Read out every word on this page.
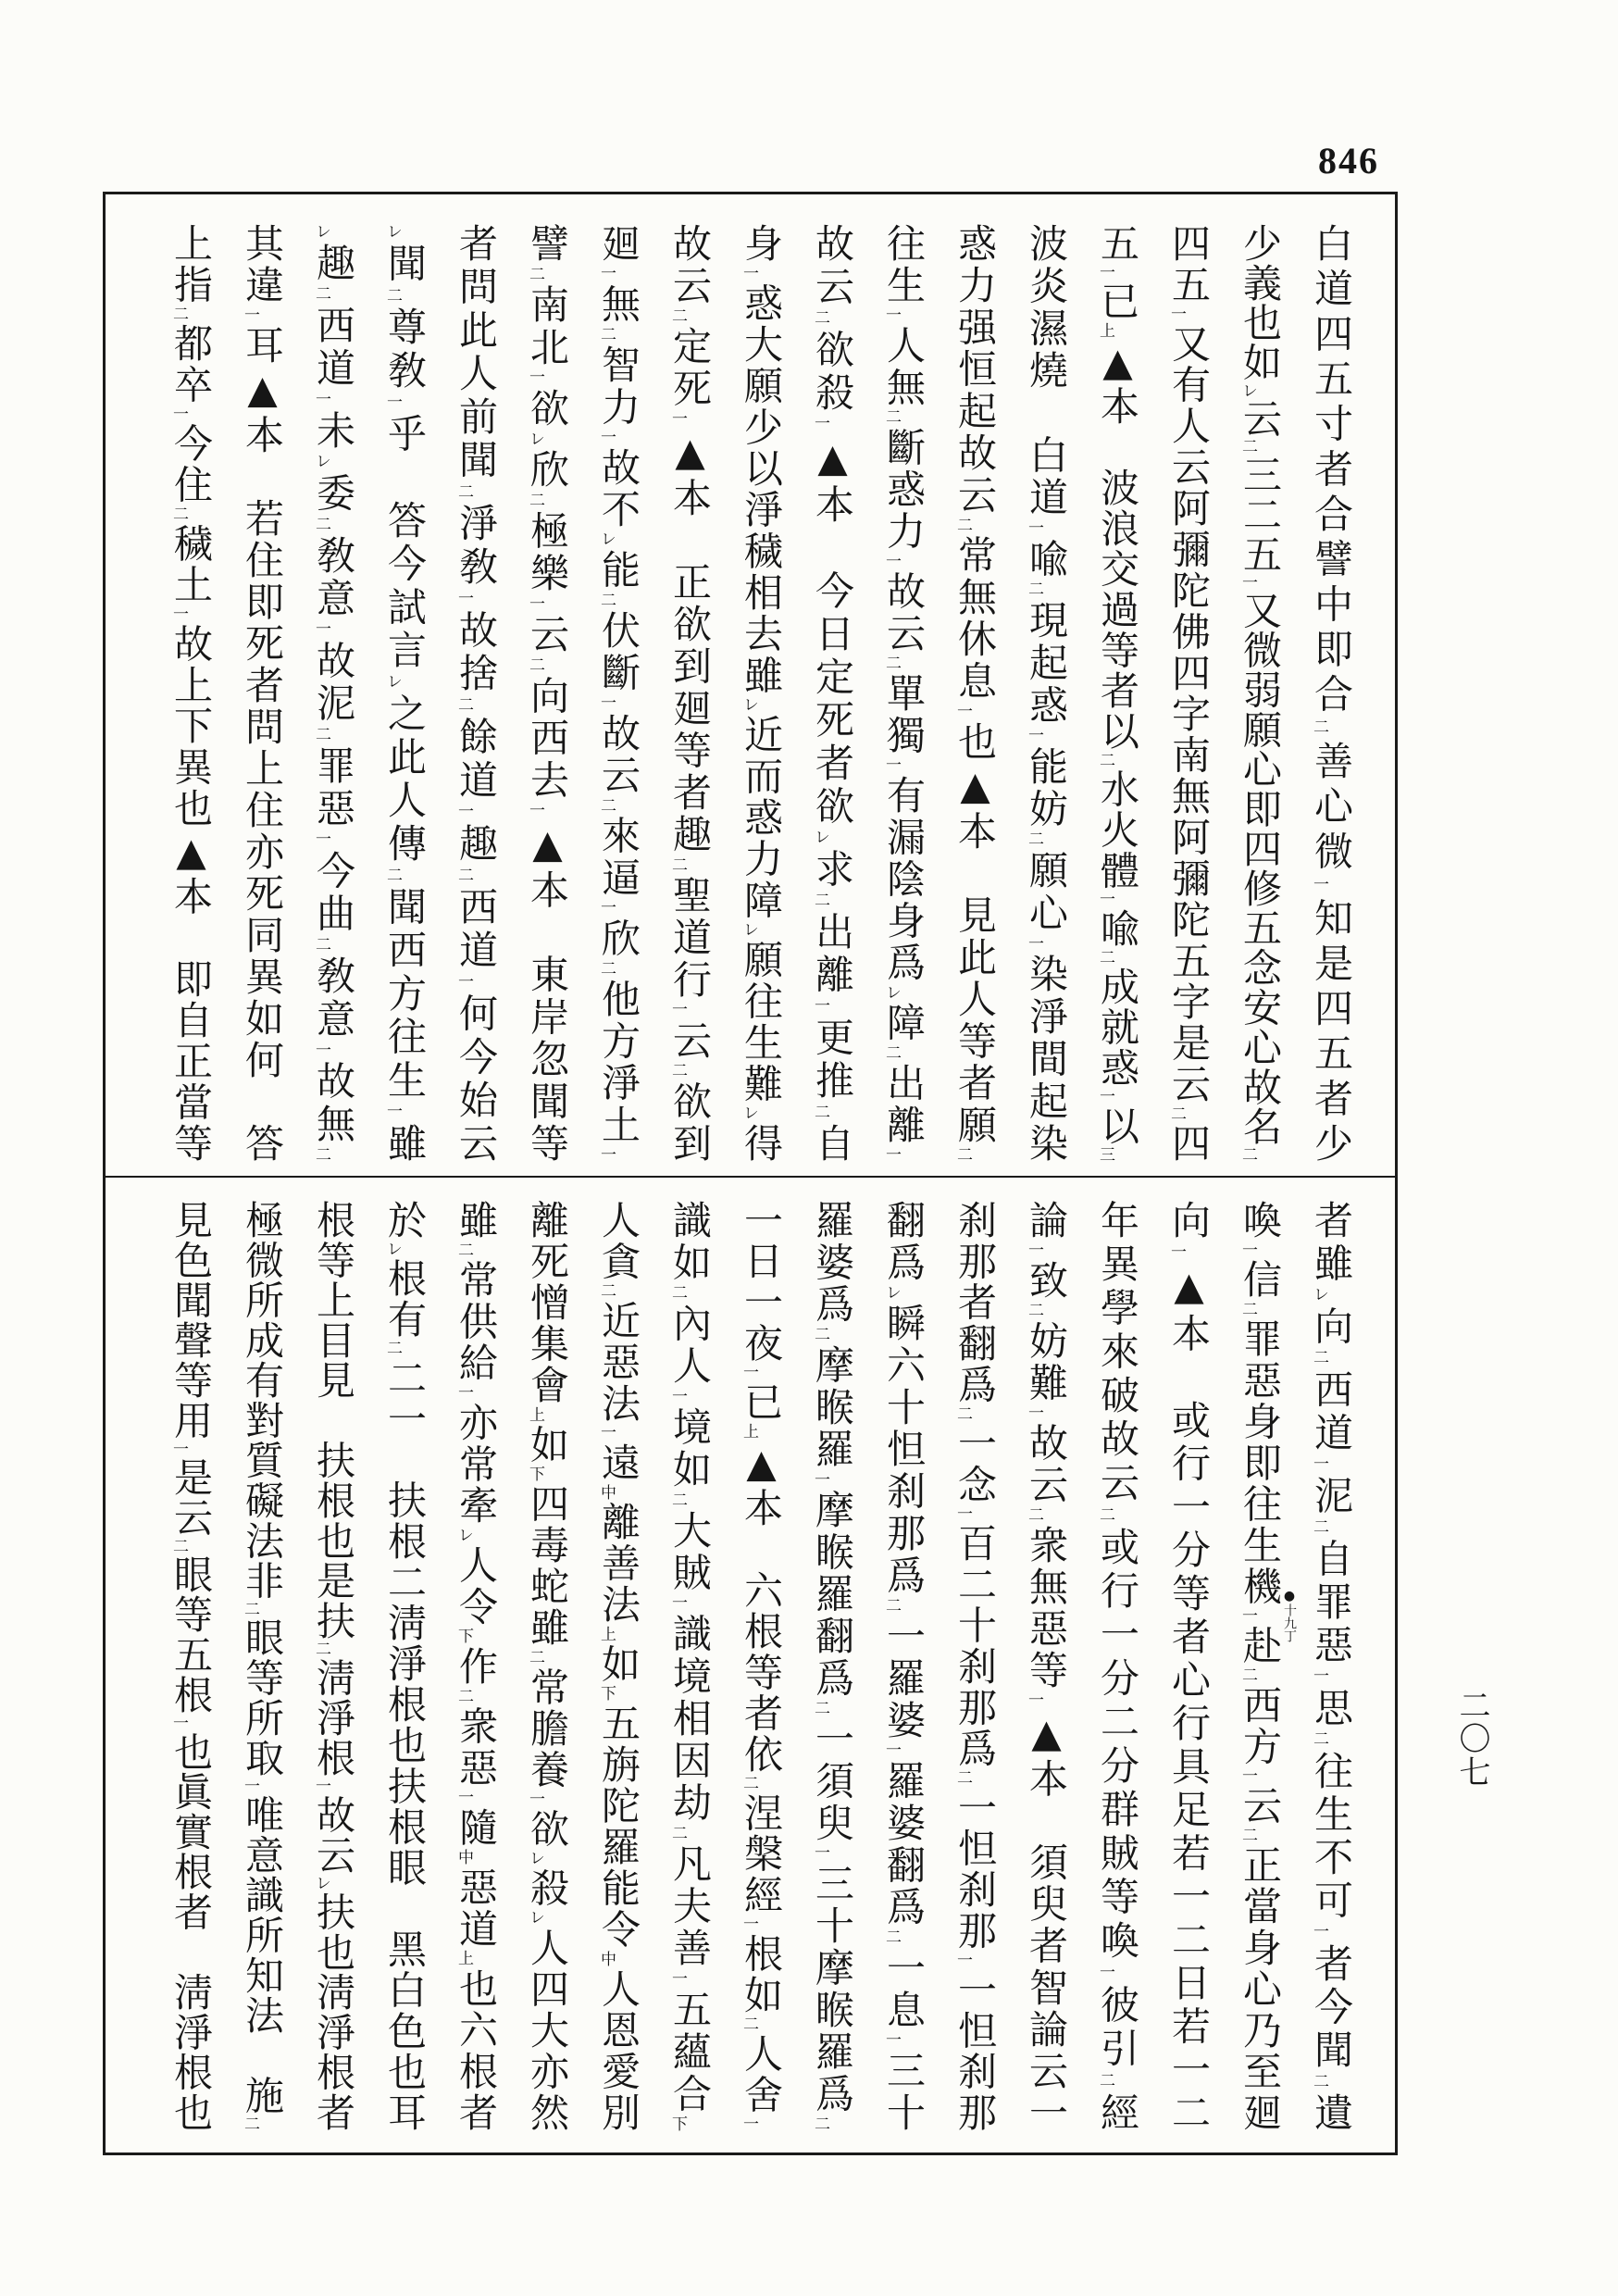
846
●十九丁
二〇七
白道四五寸者合譬中即合二善心微一知是四五者少
少義也如レ云二三二五一又微弱願心即四修五念安心故名二
四五一又有人云阿彌陀佛四字南無阿彌陀五字是云二四
五一已上▲本　波浪交過等者以二水火體一喩二成就惑一以三
波炎濕燒　白道一喩二現起惑一能妨二願心一染淨間起染
惑力强恒起故云二常無休息一也▲本　見此人等者願二
往生一人無二斷惑力一故云二單獨一有漏陰身爲レ障二出離一
故云二欲殺一▲本　今日定死者欲レ求二出離一更推二自
身一惑大願少以淨穢相去雖レ近而惑力障レ願往生難レ得
故云二定死一▲本　正欲到廻等者趣二聖道行一云二欲到
廻一無二智力一故不レ能二伏斷一故云二來逼一欣二他方淨土一
譬二南北一欲レ欣二極樂一云二向西去一▲本　東岸忽聞等
者問此人前聞二淨敎一故捨二餘道一趣二西道一何今始云
レ聞二尊敎一乎　答今試言レ之此人傳二聞西方往生一雖
レ趣二西道一未レ委二敎意一故泥二罪惡一今曲二敎意一故無二
其違一耳▲本　若住即死者問上住亦死同異如何　答
上指二都卒一今住二穢土一故上下異也▲本　即自正當等
者雖レ向二西道一泥二自罪惡一思二往生不可一者今聞二遺
喚一信二罪惡身即往生機一赴二西方一云二正當身心乃至廻
向一▲本　或行一分等者心行具足若一二日若一二
年異學來破故云二或行一分二分群賊等喚一彼引二經
論一致二妨難一故云二衆無惡等一▲本　須臾者智論云一
刹那者翻爲二一念一百二十刹那爲二一怛刹那一一怛刹那
翻爲レ瞬六十怛刹那爲二一羅婆一羅婆翻爲二一息一三十
羅婆爲二摩睺羅一摩睺羅翻爲二一須臾一三十摩睺羅爲二
一日一夜一已上▲本　六根等者依二涅槃經一根如二人舍一
識如二內人一境如二大賊一識境相因劫二凡夫善一五蘊合下
人貪二近惡法一遠中離善法上如下五旃陀羅能令中人恩愛別
離死憎集會上如下四毒蛇雖二常膽養一欲レ殺レ人四大亦然
雖二常供給一亦常牽レ人令下作二衆惡一隨中惡道上也六根者
於レ根有二二一　扶根二淸淨根也扶根眼　黑白色也耳
根等上目見　扶根也是扶二淸淨根一故云レ扶也淸淨根者
極微所成有對質礙法非二眼等所取一唯意識所知法　施二
見色聞聲等用一是云二眼等五根一也眞實根者　淸淨根也
